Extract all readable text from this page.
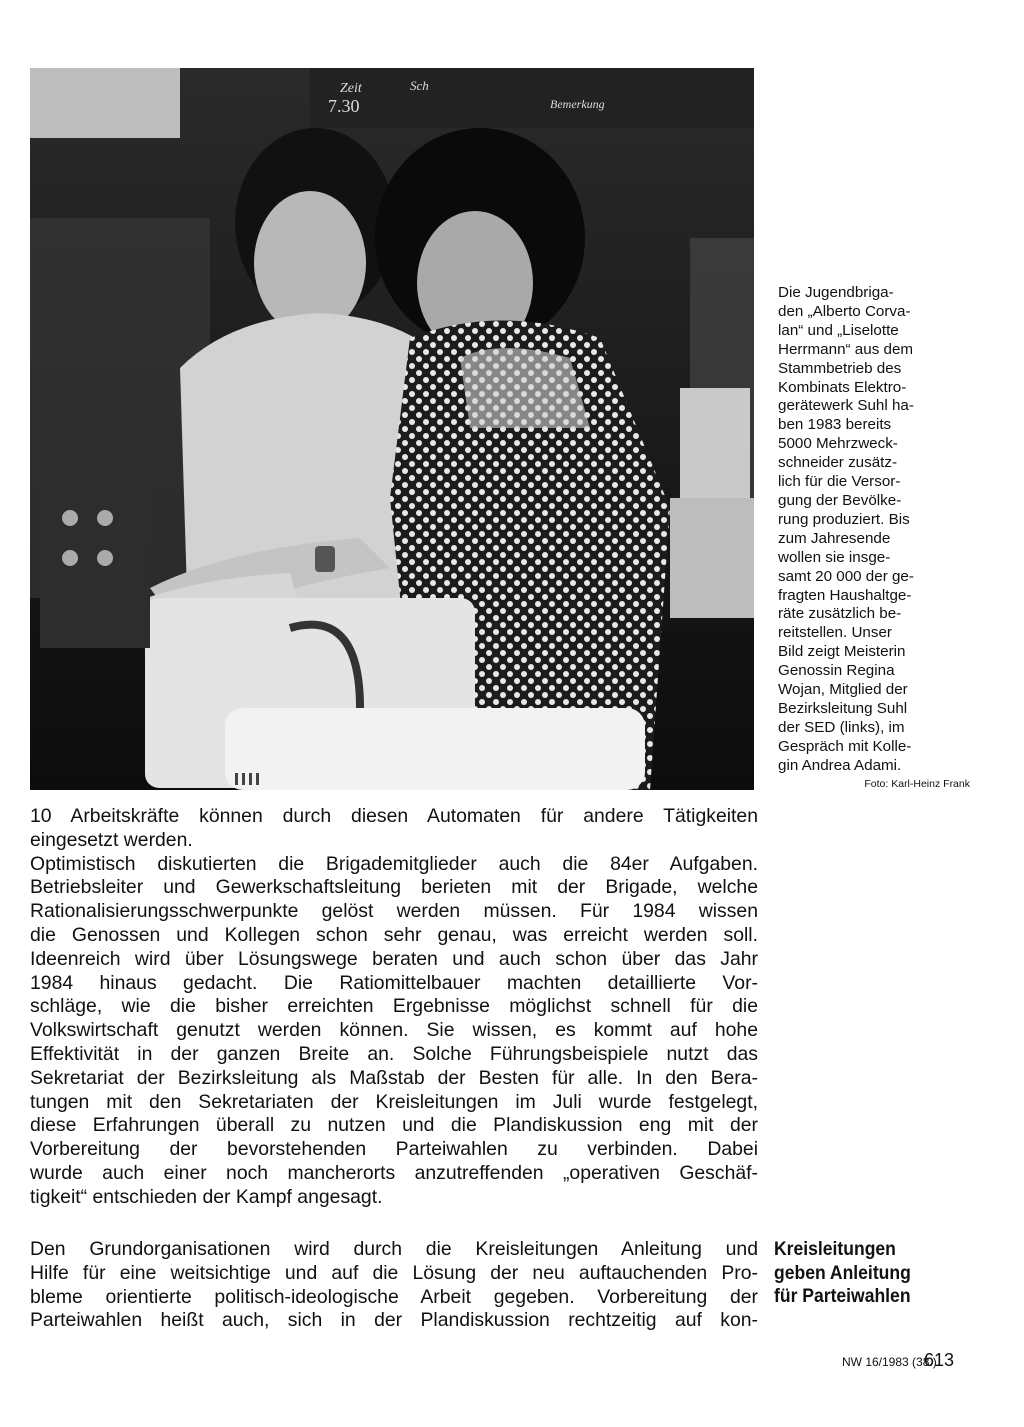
Zeit	Sch
Bemerkung
7.30

Die Jugendbriga-
den „Alberto Corva-
lan“ und „Liselotte
Herrmann“ aus dem
Stammbetrieb des
Kombinats Elektro-
gerätewerk Suhl ha-
ben 1983 bereits
5000 Mehrzweck-
schneider zusätz-
lich für die Versor-
gung der Bevölke-
rung produziert. Bis
zum Jahresende
wollen sie insge-
samt 20 000 der ge-
fragten Haushaltge-
räte zusätzlich be-
reitstellen. Unser
Bild zeigt Meisterin
Genossin Regina
Wojan, Mitglied der
Bezirksleitung Suhl
der SED (links), im
Gespräch mit Kolle-
gin Andrea Adami.

Foto: Karl-Heinz Frank

10 Arbeitskräfte können durch diesen Automaten für andere Tätigkeiten
eingesetzt werden.
Optimistisch diskutierten die Brigademitglieder auch die 84er Aufgaben.
Betriebsleiter und Gewerkschaftsleitung berieten mit der Brigade, welche
Rationalisierungsschwerpunkte gelöst werden müssen. Für 1984 wissen
die Genossen und Kollegen schon sehr genau, was erreicht werden soll.
Ideenreich wird über Lösungswege beraten und auch schon über das Jahr
1984 hinaus gedacht. Die Ratiomittelbauer machten detaillierte Vor-
schläge, wie die bisher erreichten Ergebnisse möglichst schnell für die
Volkswirtschaft genutzt werden können. Sie wissen, es kommt auf hohe
Effektivität in der ganzen Breite an. Solche Führungsbeispiele nutzt das
Sekretariat der Bezirksleitung als Maßstab der Besten für alle. In den Bera-
tungen mit den Sekretariaten der Kreisleitungen im Juli wurde festgelegt,
diese Erfahrungen überall zu nutzen und die Plandiskussion eng mit der
Vorbereitung der bevorstehenden Parteiwahlen zu verbinden. Dabei
wurde auch einer noch mancherorts anzutreffenden „operativen Geschäf-
tigkeit“ entschieden der Kampf angesagt.
Kreisleitungen
geben Anleitung
für Parteiwahlen
Den Grundorganisationen wird durch die Kreisleitungen Anleitung und
Hilfe für eine weitsichtige und auf die Lösung der neu auftauchenden Pro-
bleme orientierte politisch-ideologische Arbeit gegeben. Vorbereitung der
Parteiwahlen heißt auch, sich in der Plandiskussion rechtzeitig auf kon-

NW 16/1983 (38.)

613
